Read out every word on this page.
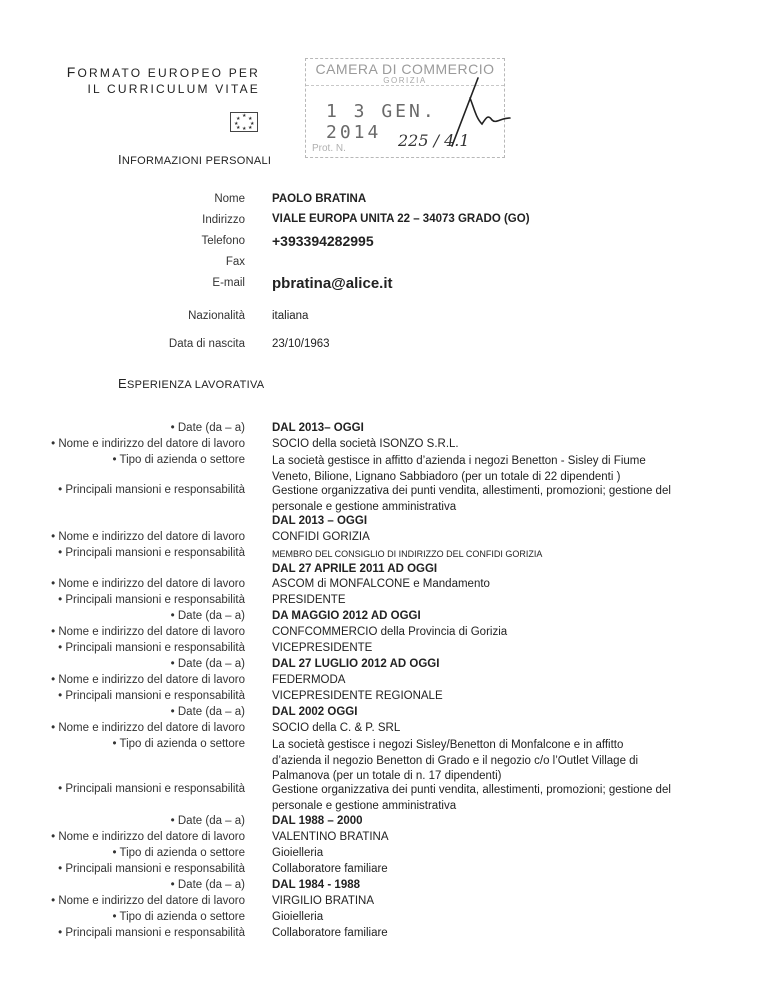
FORMATO EUROPEO PER
IL CURRICULUM VITAE
★
★ ★
★ ★
★ ★
★
CAMERA DI COMMERCIO
GORIZIA
1 3 GEN. 2014
Prot. N.	225 / 4.1
INFORMAZIONI PERSONALI
Nome PAOLO BRATINA
Indirizzo VIALE EUROPA UNITA 22 – 34073 GRADO (GO)
Telefono +393394282995
Fax
E-mail pbratina@alice.it
Nazionalità italiana
Data di nascita 23/10/1963
ESPERIENZA LAVORATIVA
• Date (da – a) DAL 2013– OGGI
• Nome e indirizzo del datore di lavoro SOCIO della società ISONZO S.R.L.
• Tipo di azienda o settore La società gestisce in affitto d’azienda i negozi Benetton - Sisley di Fiume Veneto, Bilione, Lignano Sabbiadoro (per un totale di 22 dipendenti )
• Principali mansioni e responsabilità Gestione organizzativa dei punti vendita, allestimenti, promozioni; gestione del personale e gestione amministrativa
DAL 2013 – OGGI
• Nome e indirizzo del datore di lavoro CONFIDI GORIZIA
• Principali mansioni e responsabilità	MEMBRO DEL CONSIGLIO DI INDIRIZZO DEL CONFIDI GORIZIA
DAL 27 APRILE 2011 AD OGGI
• Nome e indirizzo del datore di lavoro ASCOM di MONFALCONE e Mandamento
• Principali mansioni e responsabilità PRESIDENTE
• Date (da – a) DA MAGGIO 2012 AD OGGI
• Nome e indirizzo del datore di lavoro CONFCOMMERCIO della Provincia di Gorizia
• Principali mansioni e responsabilità VICEPRESIDENTE
• Date (da – a) DAL 27 LUGLIO 2012 AD OGGI
• Nome e indirizzo del datore di lavoro FEDERMODA
• Principali mansioni e responsabilità VICEPRESIDENTE REGIONALE
• Date (da – a) DAL 2002 OGGI
• Nome e indirizzo del datore di lavoro SOCIO della C. & P. SRL
• Tipo di azienda o settore La società gestisce i negozi Sisley/Benetton di Monfalcone e in affitto d’azienda il negozio Benetton di Grado e il negozio c/o l’Outlet Village di Palmanova (per un totale di n. 17 dipendenti)
• Principali mansioni e responsabilità Gestione organizzativa dei punti vendita, allestimenti, promozioni; gestione del personale e gestione amministrativa
• Date (da – a) DAL 1988 – 2000
• Nome e indirizzo del datore di lavoro VALENTINO BRATINA
• Tipo di azienda o settore Gioielleria
• Principali mansioni e responsabilità Collaboratore familiare
• Date (da – a) DAL 1984 - 1988
• Nome e indirizzo del datore di lavoro VIRGILIO BRATINA
• Tipo di azienda o settore Gioielleria
• Principali mansioni e responsabilità Collaboratore familiare
